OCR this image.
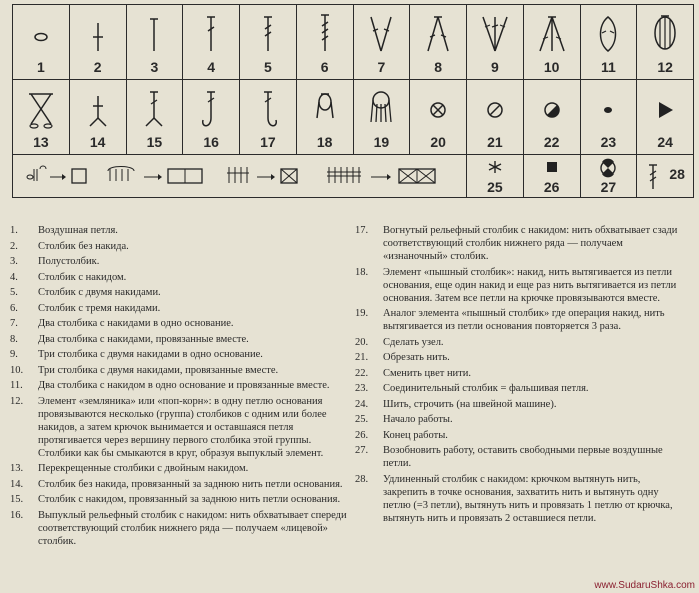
1	2	3	4	5	6	7	8	9	10	11	12

13	14	15	16	17	18	19	20	21	22	23	24

25	26	27	28
1.	Воздушная петля.
2.	Столбик без накида.
3.	Полустолбик.
4.	Столбик с накидом.
5.	Столбик с двумя накидами.
6.	Столбик с тремя накидами.
7.	Два столбика с накидами в одно основание.
8.	Два столбика с накидами, провязанные вместе.
9.	Три столбика с двумя накидами в одно основание.
10.	Три столбика с двумя накидами, провязанные вместе.
11.	Два столбика с накидом в одно основание и провязанные вместе.
12.	Элемент «земляника» или «поп-корн»: в одну петлю основания провязываются несколько (группа) столбиков с одним или более накидов, а затем крючок вынимается и оставшаяся петля протягивается через вершину первого столбика этой группы. Столбики как бы смыкаются в круг, образуя выпуклый элемент.
13.	Перекрещенные столбики с двойным накидом.
14.	Столбик без накида, провязанный за заднюю нить петли основания.
15.	Столбик с накидом, провязанный за заднюю нить петли основания.
16.	Выпуклый рельефный столбик с накидом: нить обхватывает спереди соответствующий столбик нижнего ряда — получаем «лицевой» столбик.
17.	Вогнутый рельефный столбик с накидом: нить обхватывает сзади соответствующий столбик нижнего ряда — получаем «изнаночный» столбик.
18.	Элемент «пышный столбик»: накид, нить вытягивается из петли основания, еще один накид и еще раз нить вытягивается из петли основания. Затем все петли на крючке провязываются вместе.
19.	Аналог элемента «пышный столбик» где операция накид, нить вытягивается из петли основания повторяется 3 раза.
20.	Сделать узел.
21.	Обрезать нить.
22.	Сменить цвет нити.
23.	Соединительный столбик = фальшивая петля.
24.	Шить, строчить (на швейной машине).
25.	Начало работы.
26.	Конец работы.
27.	Возобновить работу, оставить свободными первые воздушные петли.
28.	Удлиненный столбик с накидом: крючком вытянуть нить, закрепить в точке основания, захватить нить и вытянуть одну петлю (=3 петли), вытянуть нить и провязать 1 петлю от крючка, вытянуть нить и провязать 2 оставшиеся петли.
www.SudaruShka.com
